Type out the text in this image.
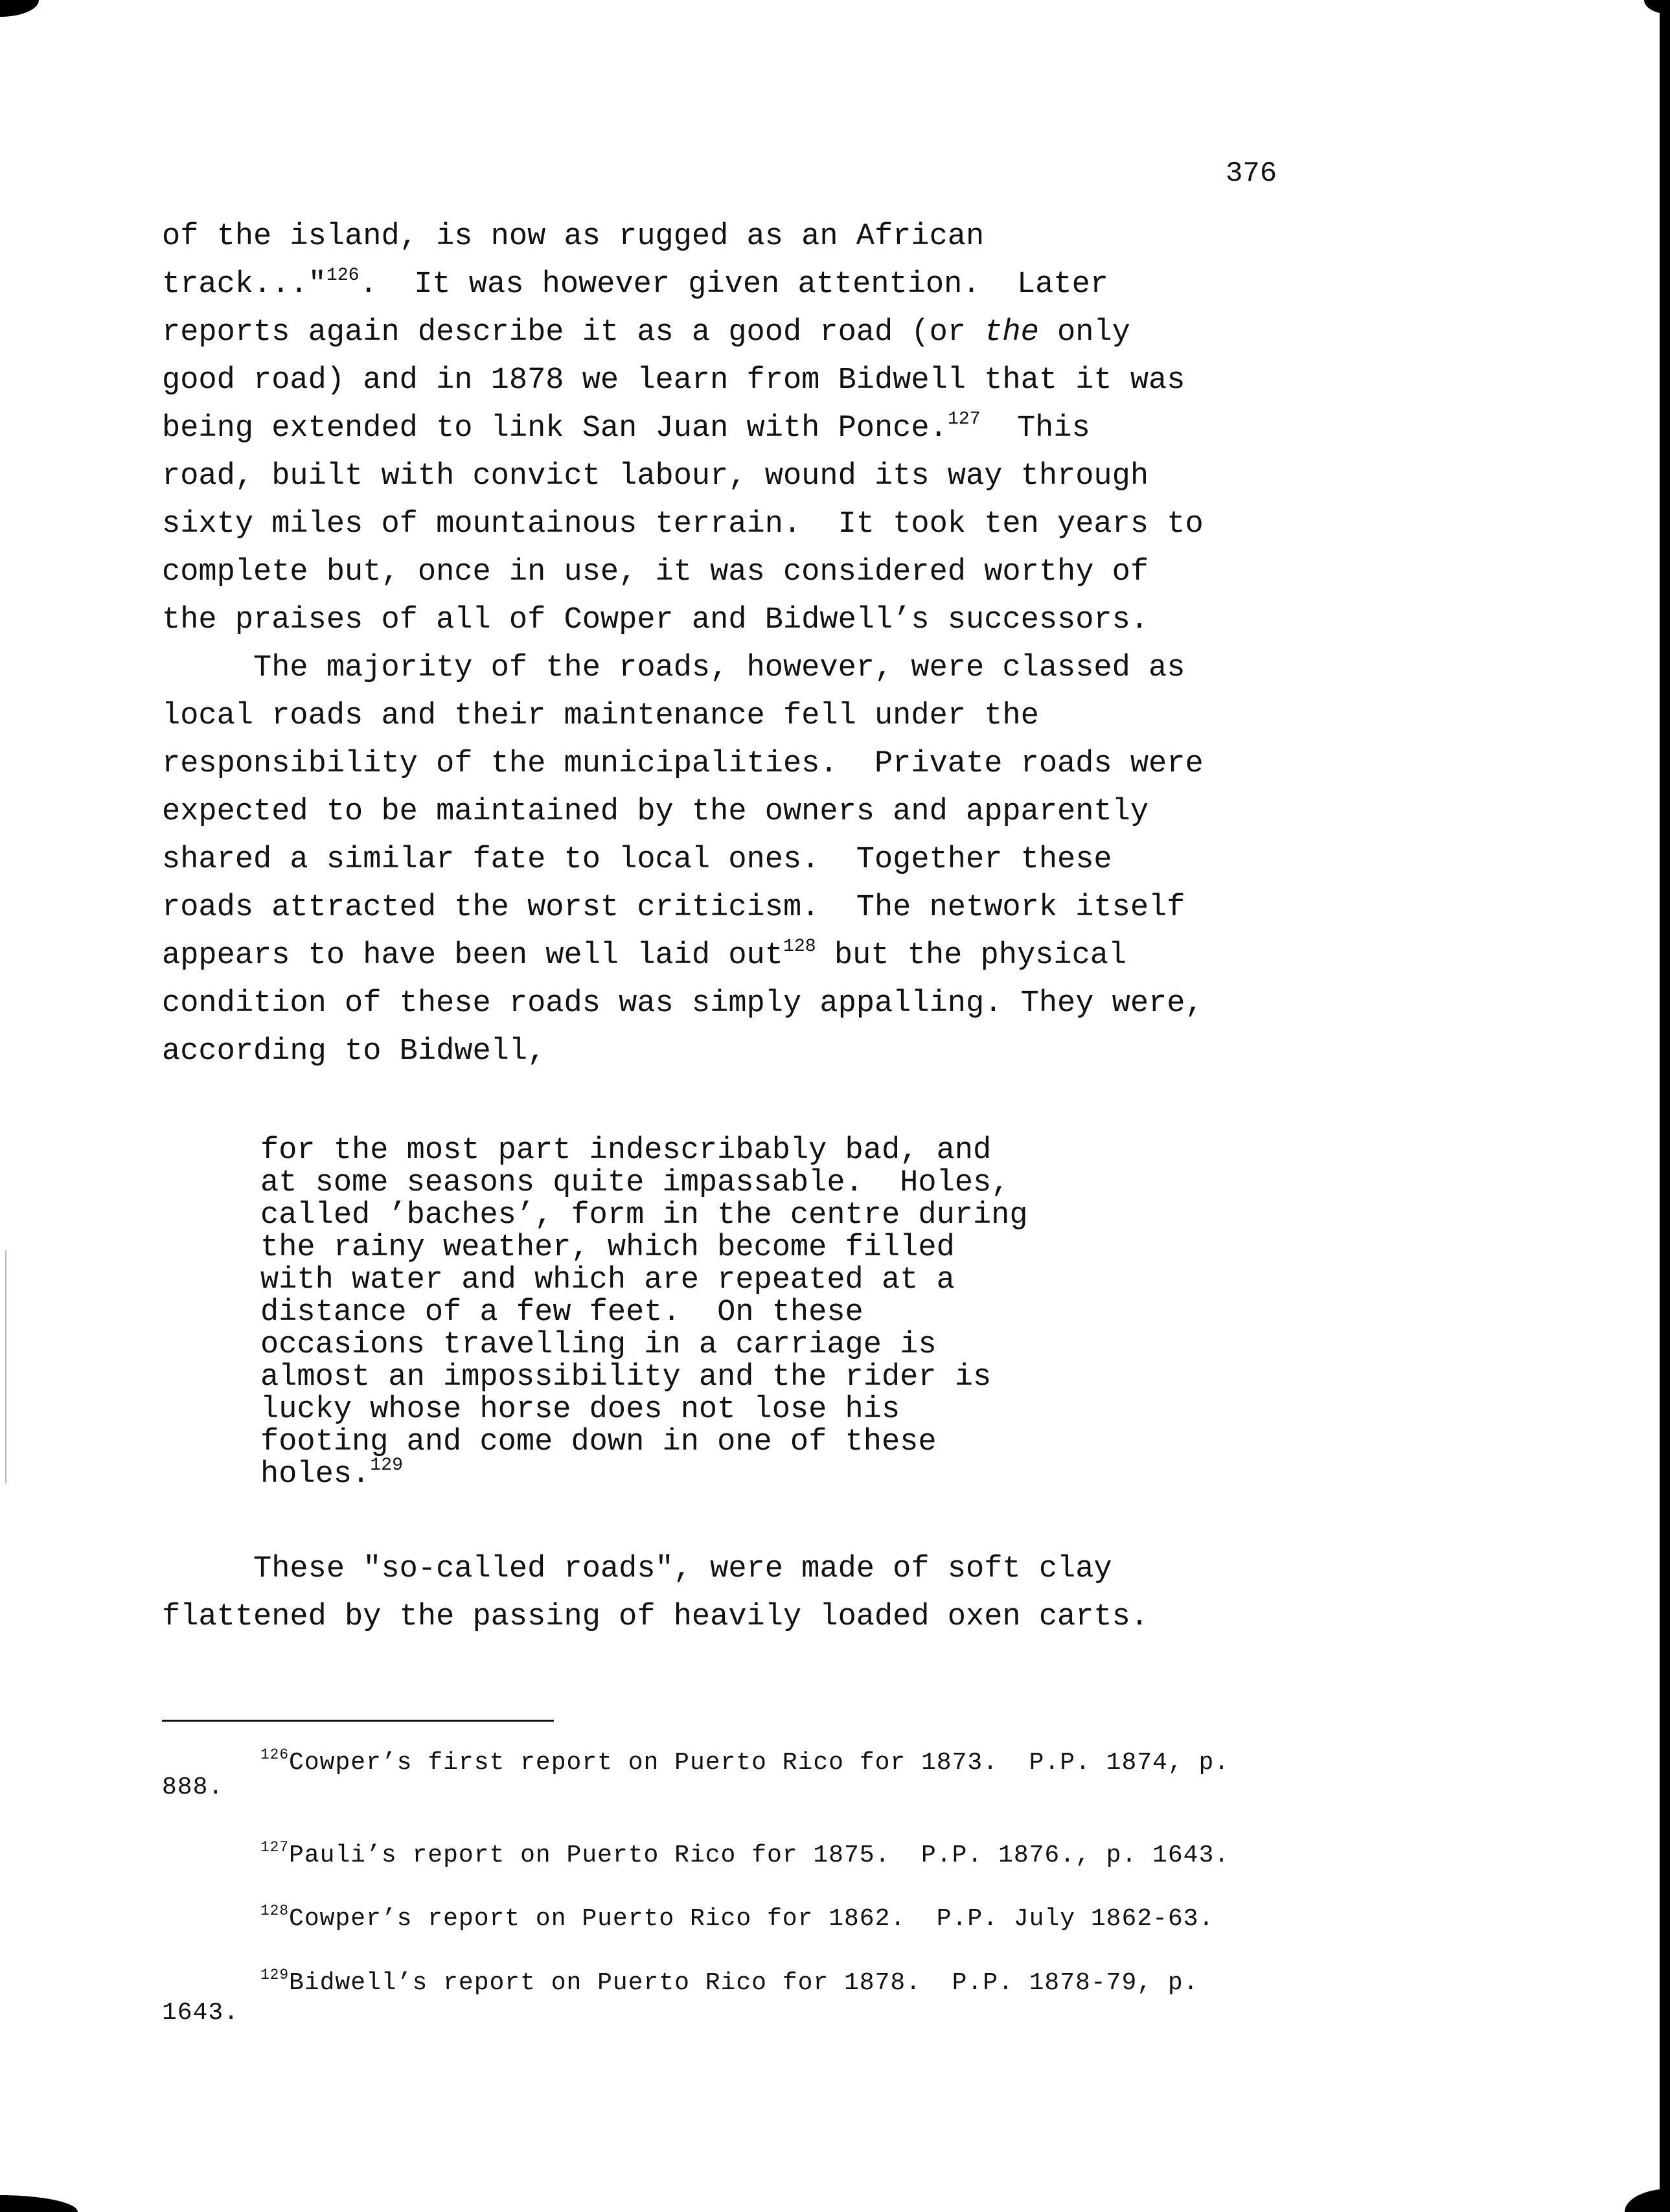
376
of the island, is now as rugged as an African
track..."$^{126}$.  It was however given attention.  Later
reports again describe it as a good road (or the only
good road) and in 1878 we learn from Bidwell that it was
being extended to link San Juan with Ponce.$^{127}$  This
road, built with convict labour, wound its way through
sixty miles of mountainous terrain.  It took ten years to
complete but, once in use, it was considered worthy of
the praises of all of Cowper and Bidwell’s successors.
The majority of the roads, however, were classed as
local roads and their maintenance fell under the
responsibility of the municipalities.  Private roads were
expected to be maintained by the owners and apparently
shared a similar fate to local ones.  Together these
roads attracted the worst criticism.  The network itself
appears to have been well laid out$^{128}$ but the physical
condition of these roads was simply appalling. They were,
according to Bidwell,
for the most part indescribably bad, and
at some seasons quite impassable.  Holes,
called ’baches’, form in the centre during
the rainy weather, which become filled
with water and which are repeated at a
distance of a few feet.  On these
occasions travelling in a carriage is
almost an impossibility and the rider is
lucky whose horse does not lose his
footing and come down in one of these
holes.$^{129}$
These "so-called roads", were made of soft clay
flattened by the passing of heavily loaded oxen carts.
$^{126}$Cowper’s first report on Puerto Rico for 1873.  P.P. 1874, p.
888.
$^{127}$Pauli’s report on Puerto Rico for 1875.  P.P. 1876., p. 1643.
$^{128}$Cowper’s report on Puerto Rico for 1862.  P.P. July 1862-63.
$^{129}$Bidwell’s report on Puerto Rico for 1878.  P.P. 1878-79, p.
1643.
